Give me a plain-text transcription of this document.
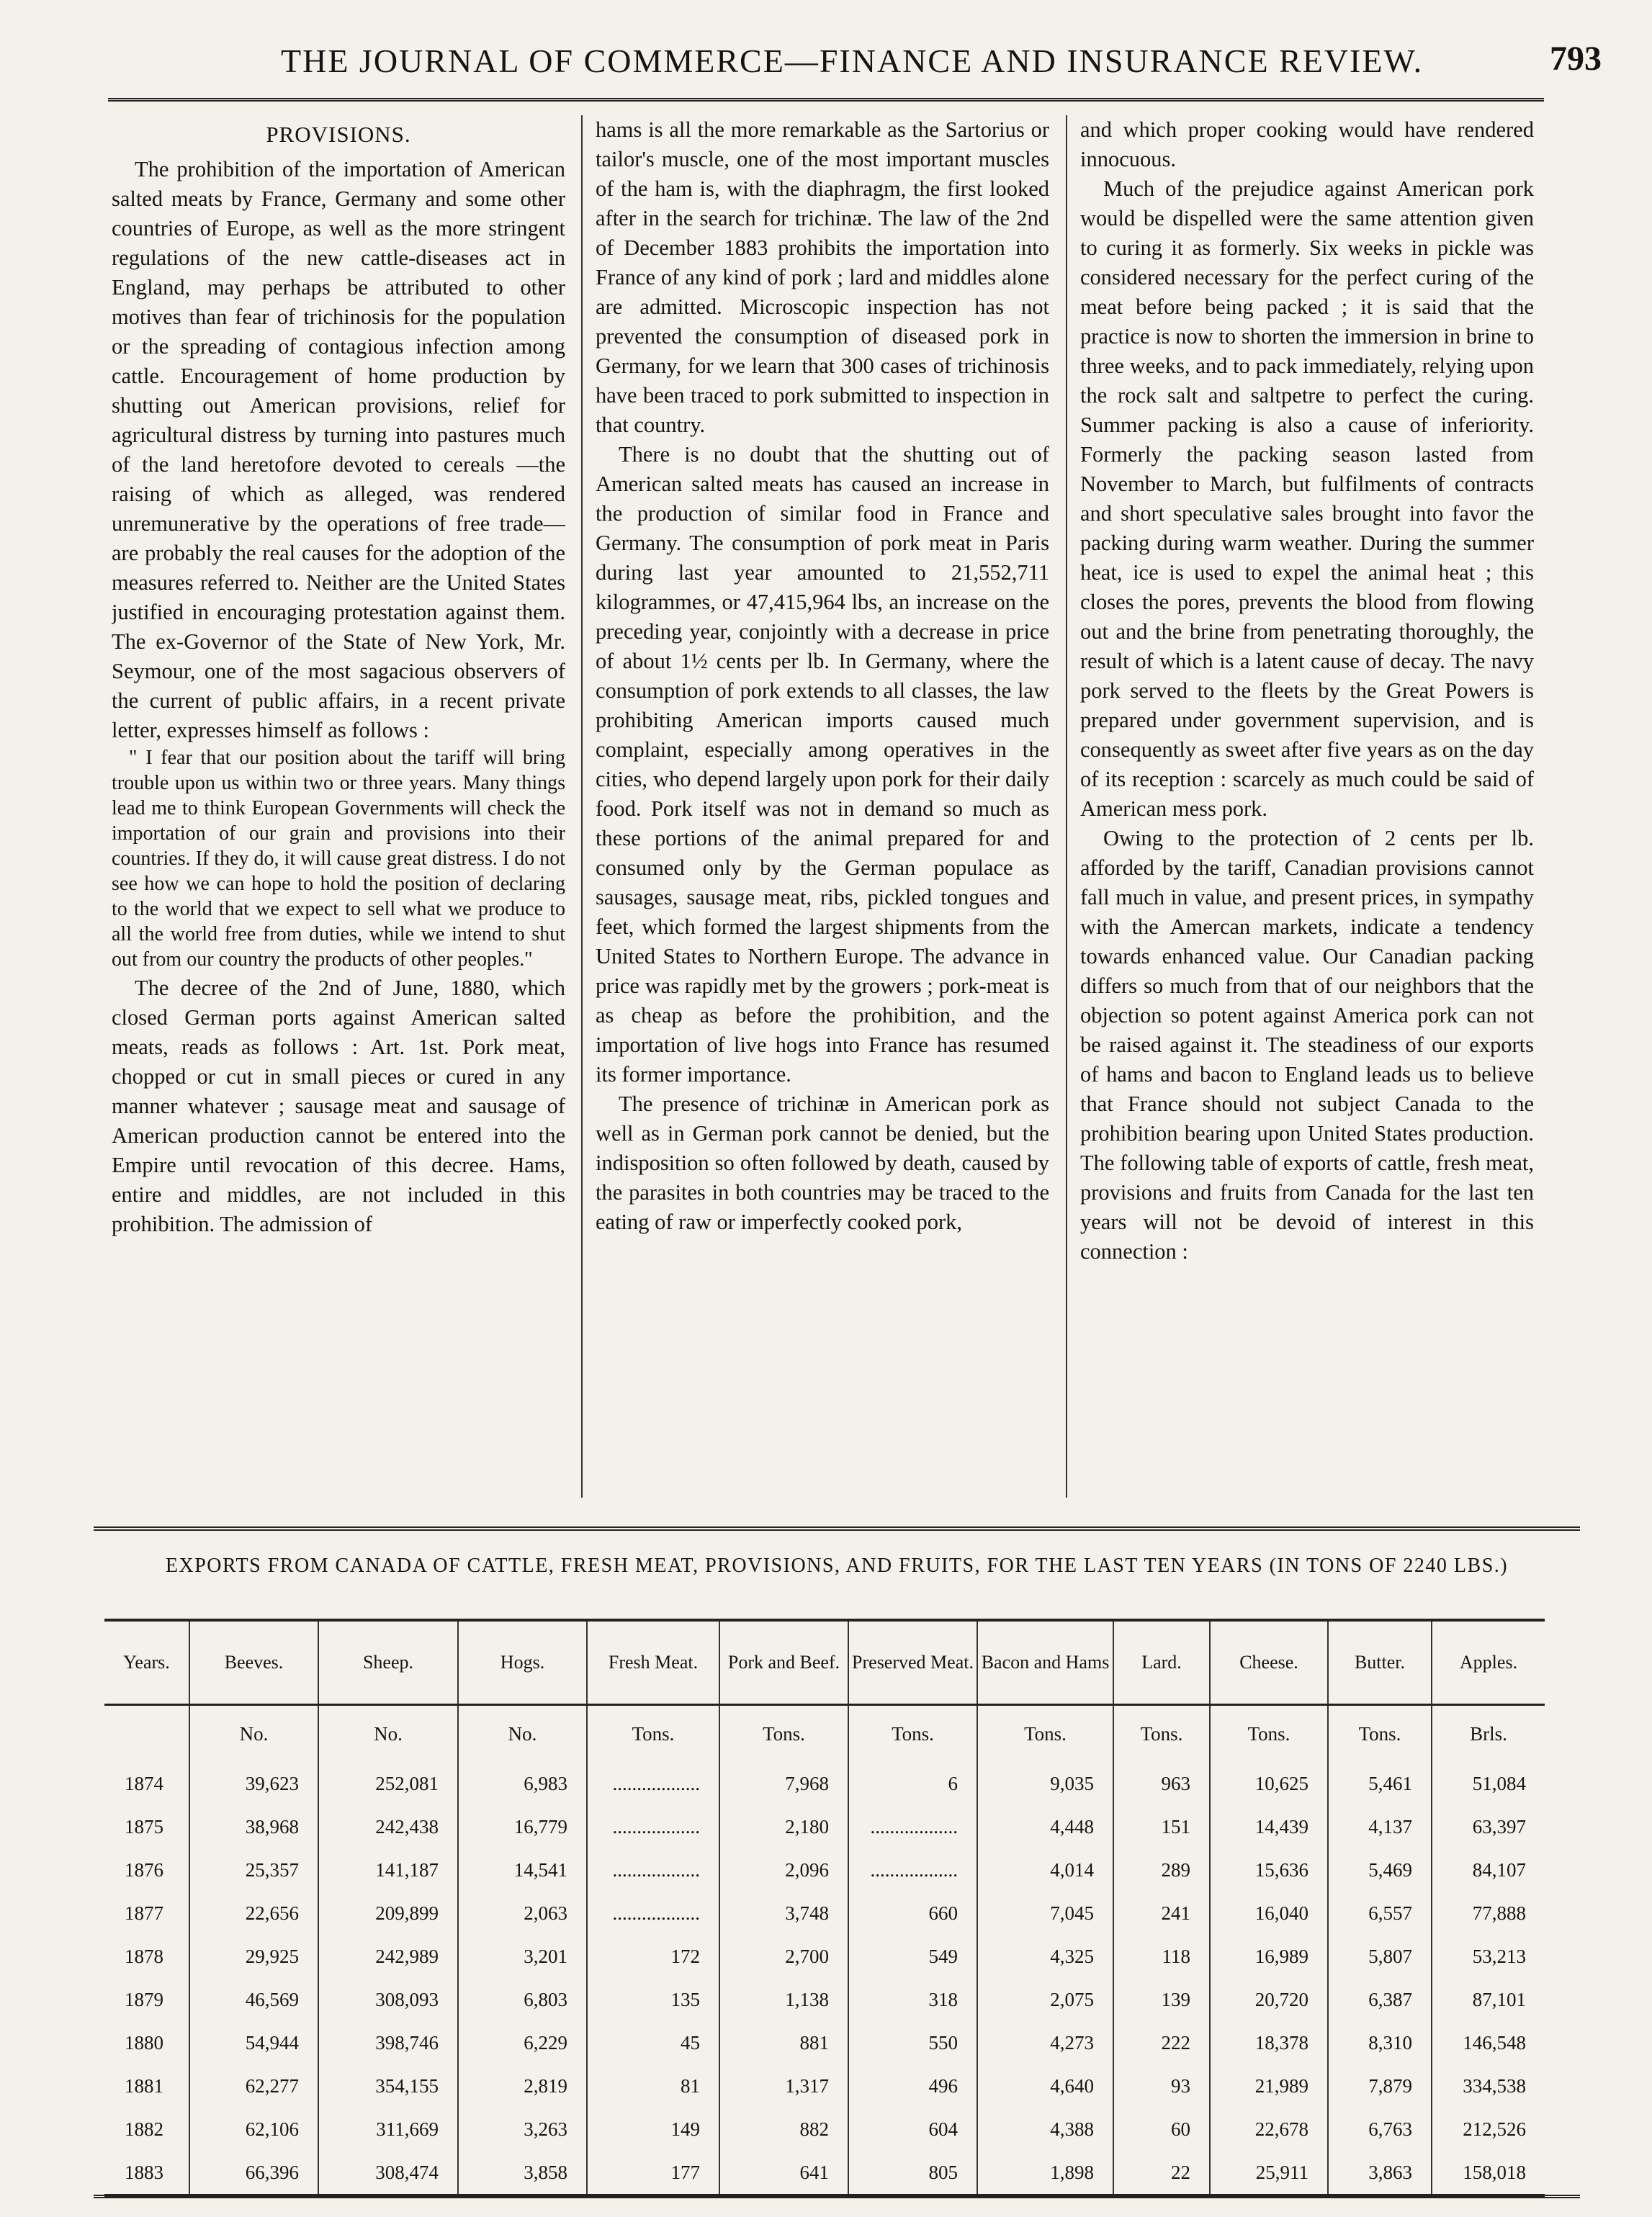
THE JOURNAL OF COMMERCE—FINANCE AND INSURANCE REVIEW.	793

PROVISIONS.

The prohibition of the importation of American salted meats by France, Germany and some other countries of Europe, as well as the more stringent regulations of the new cattle-diseases act in England, may perhaps be attributed to other motives than fear of trichinosis for the population or the spreading of contagious infection among cattle. Encouragement of home production by shutting out American provisions, relief for agricultural distress by turning into pastures much of the land heretofore devoted to cereals —the raising of which as alleged, was rendered unremunerative by the operations of free trade—are probably the real causes for the adoption of the measures referred to. Neither are the United States justified in encouraging protestation against them. The ex-Governor of the State of New York, Mr. Seymour, one of the most sagacious observers of the current of public affairs, in a recent private letter, expresses himself as follows :

" I fear that our position about the tariff will bring trouble upon us within two or three years. Many things lead me to think European Governments will check the importation of our grain and provisions into their countries. If they do, it will cause great distress. I do not see how we can hope to hold the position of declaring to the world that we expect to sell what we produce to all the world free from duties, while we intend to shut out from our country the products of other peoples."

The decree of the 2nd of June, 1880, which closed German ports against American salted meats, reads as follows : Art. 1st. Pork meat, chopped or cut in small pieces or cured in any manner whatever ; sausage meat and sausage of American production cannot be entered into the Empire until revocation of this decree. Hams, entire and middles, are not included in this prohibition. The admission of

hams is all the more remarkable as the Sartorius or tailor's muscle, one of the most important muscles of the ham is, with the diaphragm, the first looked after in the search for trichinæ. The law of the 2nd of December 1883 prohibits the importation into France of any kind of pork ; lard and middles alone are admitted. Microscopic inspection has not prevented the consumption of diseased pork in Germany, for we learn that 300 cases of trichinosis have been traced to pork submitted to inspection in that country.

There is no doubt that the shutting out of American salted meats has caused an increase in the production of similar food in France and Germany. The consumption of pork meat in Paris during last year amounted to 21,552,711 kilogrammes, or 47,415,964 lbs, an increase on the preceding year, conjointly with a decrease in price of about 1½ cents per lb. In Germany, where the consumption of pork extends to all classes, the law prohibiting American imports caused much complaint, especially among operatives in the cities, who depend largely upon pork for their daily food. Pork itself was not in demand so much as these portions of the animal prepared for and consumed only by the German populace as sausages, sausage meat, ribs, pickled tongues and feet, which formed the largest shipments from the United States to Northern Europe. The advance in price was rapidly met by the growers ; pork-meat is as cheap as before the prohibition, and the importation of live hogs into France has resumed its former importance.

The presence of trichinæ in American pork as well as in German pork cannot be denied, but the indisposition so often followed by death, caused by the parasites in both countries may be traced to the eating of raw or imperfectly cooked pork,

and which proper cooking would have rendered innocuous.

Much of the prejudice against American pork would be dispelled were the same attention given to curing it as formerly. Six weeks in pickle was considered necessary for the perfect curing of the meat before being packed ; it is said that the practice is now to shorten the immersion in brine to three weeks, and to pack immediately, relying upon the rock salt and saltpetre to perfect the curing. Summer packing is also a cause of inferiority. Formerly the packing season lasted from November to March, but fulfilments of contracts and short speculative sales brought into favor the packing during warm weather. During the summer heat, ice is used to expel the animal heat ; this closes the pores, prevents the blood from flowing out and the brine from penetrating thoroughly, the result of which is a latent cause of decay. The navy pork served to the fleets by the Great Powers is prepared under government supervision, and is consequently as sweet after five years as on the day of its reception : scarcely as much could be said of American mess pork.

Owing to the protection of 2 cents per lb. afforded by the tariff, Canadian provisions cannot fall much in value, and present prices, in sympathy with the Amercan markets, indicate a tendency towards enhanced value. Our Canadian packing differs so much from that of our neighbors that the objection so potent against America pork can not be raised against it. The steadiness of our exports of hams and bacon to England leads us to believe that France should not subject Canada to the prohibition bearing upon United States production. The following table of exports of cattle, fresh meat, provisions and fruits from Canada for the last ten years will not be devoid of interest in this connection :

EXPORTS FROM CANADA OF CATTLE, FRESH MEAT, PROVISIONS, AND FRUITS, FOR THE LAST TEN YEARS (IN TONS OF 2240 LBS.)
Years.	Beeves.	Sheep.	Hogs.	Fresh Meat.	Pork and Beef.	Preserved Meat.	Bacon and Hams	Lard.	Cheese.	Butter.	Apples.
	No.	No.	No.	Tons.	Tons.	Tons.	Tons.	Tons.	Tons.	Tons.	Brls.
1874	39,623	252,081	6,983	..................	7,968	6	9,035	963	10,625	5,461	51,084
1875	38,968	242,438	16,779	..................	2,180	..................	4,448	151	14,439	4,137	63,397
1876	25,357	141,187	14,541	..................	2,096	..................	4,014	289	15,636	5,469	84,107
1877	22,656	209,899	2,063	..................	3,748	660	7,045	241	16,040	6,557	77,888
1878	29,925	242,989	3,201	172	2,700	549	4,325	118	16,989	5,807	53,213
1879	46,569	308,093	6,803	135	1,138	318	2,075	139	20,720	6,387	87,101
1880	54,944	398,746	6,229	45	881	550	4,273	222	18,378	8,310	146,548
1881	62,277	354,155	2,819	81	1,317	496	4,640	93	21,989	7,879	334,538
1882	62,106	311,669	3,263	149	882	604	4,388	60	22,678	6,763	212,526
1883	66,396	308,474	3,858	177	641	805	1,898	22	25,911	3,863	158,018
